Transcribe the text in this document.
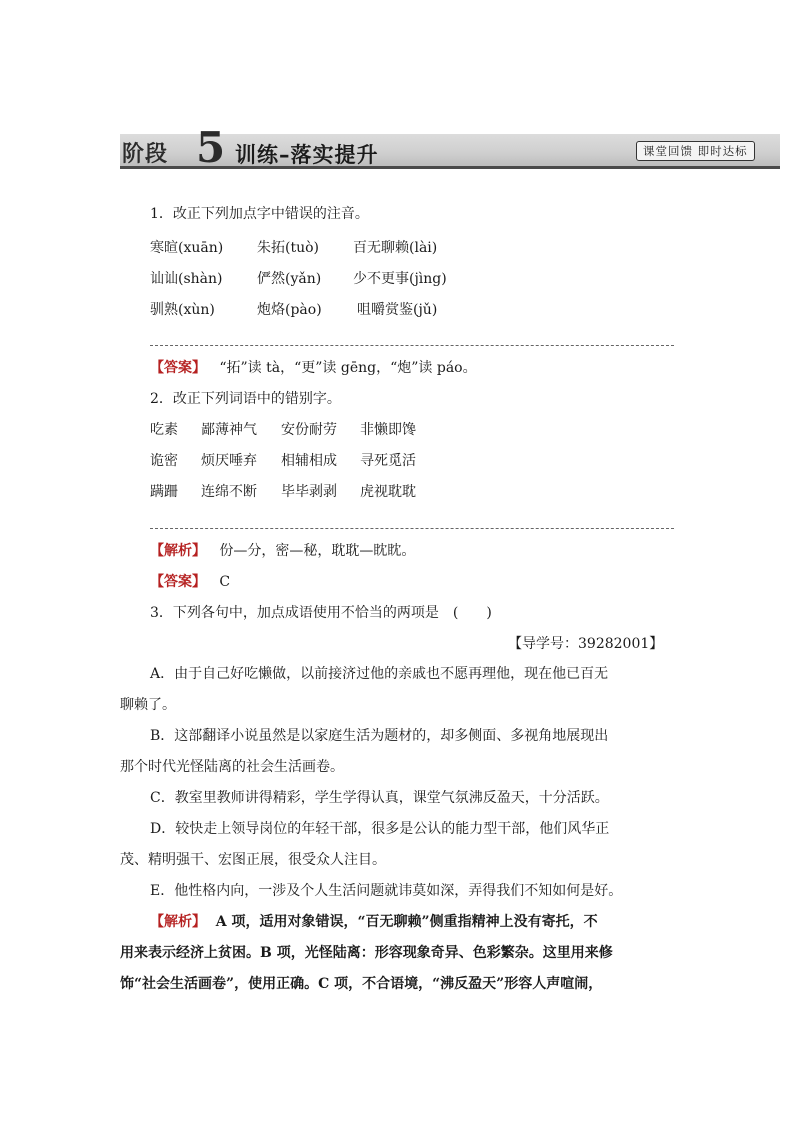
阶段 5 训练–落实提升	课堂回馈 即时达标
1．改正下列加点字中错误的注音。
寒暄(xuān) 朱拓(tuò) 百无聊赖(lài)
讪讪(shàn) 俨然(yǎn) 少不更事(jìng)
驯熟(xùn)	炮烙(pào)	咀嚼赏鉴(jǔ)
【答案】 “拓”读 tà，“更”读 gēng，“炮”读 páo。
2．改正下列词语中的错别字。
吃素 鄙薄神气 安份耐劳 非懒即馋
诡密 烦厌唾弃 相辅相成 寻死觅活
蹒跚 连绵不断 毕毕剥剥 虎视耽耽
【解析】 份—分，密—秘，耽耽—眈眈。
【答案】 C
3．下列各句中，加点成语使用不恰当的两项是　(　　)
【导学号：39282001】
A．由于自己好吃懒做，以前接济过他的亲戚也不愿再理他，现在他已百无
聊赖了。
B．这部翻译小说虽然是以家庭生活为题材的，却多侧面、多视角地展现出
那个时代光怪陆离的社会生活画卷。
C．教室里教师讲得精彩，学生学得认真，课堂气氛沸反盈天，十分活跃。
D．较快走上领导岗位的年轻干部，很多是公认的能力型干部，他们风华正
茂、精明强干、宏图正展，很受众人注目。
E．他性格内向，一涉及个人生活问题就讳莫如深，弄得我们不知如何是好。
【解析】 A 项，适用对象错误，“百无聊赖”侧重指精神上没有寄托，不
用来表示经济上贫困。B 项，光怪陆离：形容现象奇异、色彩繁杂。这里用来修
饰“社会生活画卷”，使用正确。C 项，不合语境，“沸反盈天”形容人声喧闹，
